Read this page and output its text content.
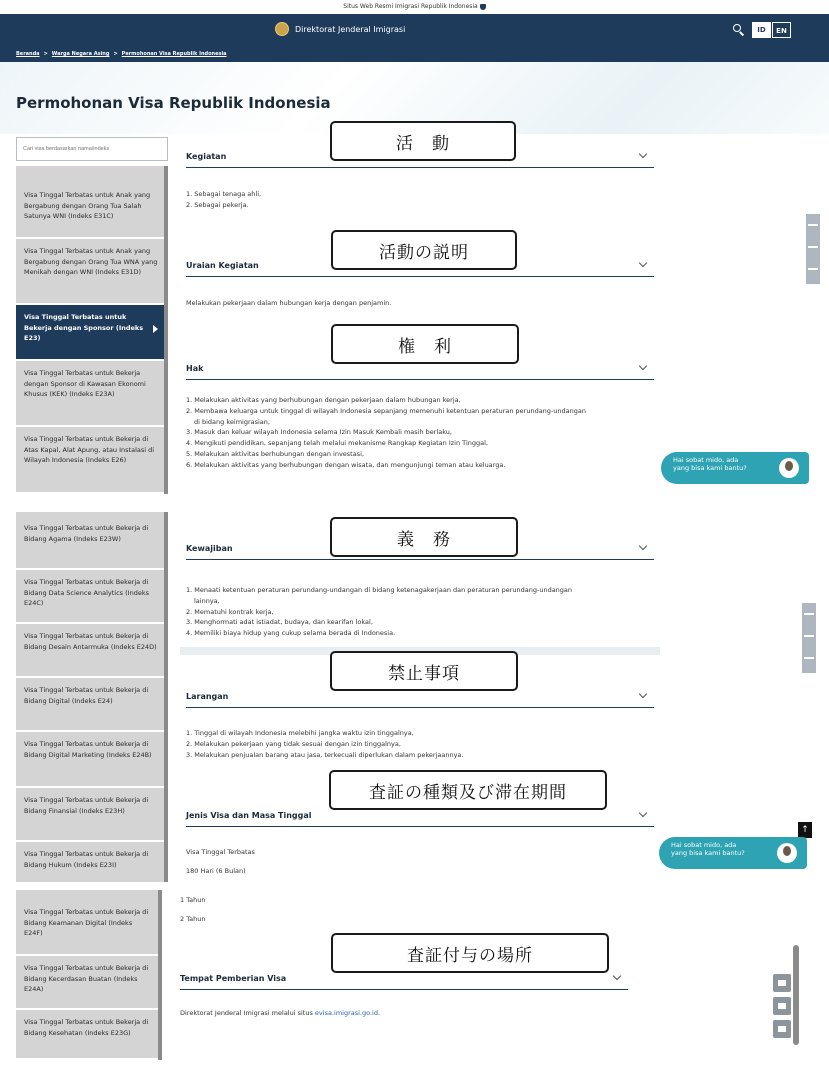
Situs Web Resmi Imigrasi Republik Indonesia
Direktorat Jenderal Imigrasi	ID	EN
Beranda > Warga Negara Asing > Permohonan Visa Republik Indonesia
Permohonan Visa Republik Indonesia
Cari visa berdasarkan nama/indeks
Visa Tinggal Terbatas untuk Anak yang Bergabung dengan Orang Tua Salah Satunya WNI (Indeks E31C)
Visa Tinggal Terbatas untuk Anak yang Bergabung dengan Orang Tua WNA yang Menikah dengan WNI (Indeks E31D)
Visa Tinggal Terbatas untuk Bekerja dengan Sponsor (Indeks E23)
Visa Tinggal Terbatas untuk Bekerja dengan Sponsor di Kawasan Ekonomi Khusus (KEK) (Indeks E23A)
Visa Tinggal Terbatas untuk Bekerja di Atas Kapal, Alat Apung, atau Instalasi di Wilayah Indonesia (Indeks E26)
Kegiatan
1. Sebagai tenaga ahli,
2. Sebagai pekerja.
活　動
Uraian Kegiatan
Melakukan pekerjaan dalam hubungan kerja dengan penjamin.
活動の説明
Hak
1. Melakukan aktivitas yang berhubungan dengan pekerjaan dalam hubungan kerja,
2. Membawa keluarga untuk tinggal di wilayah Indonesia sepanjang memenuhi ketentuan peraturan perundang-undangan
di bidang keimigrasian,
3. Masuk dan keluar wilayah Indonesia selama Izin Masuk Kembali masih berlaku,
4. Mengikuti pendidikan, sepanjang telah melalui mekanisme Rangkap Kegiatan Izin Tinggal,
5. Melakukan aktivitas berhubungan dengan investasi,
6. Melakukan aktivitas yang berhubungan dengan wisata, dan mengunjungi teman atau keluarga.
権　利
Hai sobat mido, ada yang bisa kami bantu?
Visa Tinggal Terbatas untuk Bekerja di Bidang Agama (Indeks E23W)
Visa Tinggal Terbatas untuk Bekerja di Bidang Data Science Analytics (Indeks E24C)
Visa Tinggal Terbatas untuk Bekerja di Bidang Desain Antarmuka (Indeks E24D)
Visa Tinggal Terbatas untuk Bekerja di Bidang Digital (Indeks E24)
Visa Tinggal Terbatas untuk Bekerja di Bidang Digital Marketing (Indeks E24B)
Visa Tinggal Terbatas untuk Bekerja di Bidang Finansial (Indeks E23H)
Visa Tinggal Terbatas untuk Bekerja di Bidang Hukum (Indeks E23I)
Kewajiban
1. Menaati ketentuan peraturan perundang-undangan di bidang ketenagakerjaan dan peraturan perundang-undangan
lainnya,
2. Mematuhi kontrak kerja,
3. Menghormati adat istiadat, budaya, dan kearifan lokal,
4. Memiliki biaya hidup yang cukup selama berada di Indonesia.
義　務
Larangan
1. Tinggal di wilayah Indonesia melebihi jangka waktu izin tinggalnya,
2. Melakukan pekerjaan yang tidak sesuai dengan izin tinggalnya,
3. Melakukan penjualan barang atau jasa, terkecuali diperlukan dalam pekerjaannya.
禁止事項
Jenis Visa dan Masa Tinggal
Visa Tinggal Terbatas
180 Hari (6 Bulan)
査証の種類及び滞在期間
↑
Hai sobat mido, ada yang bisa kami bantu?
Visa Tinggal Terbatas untuk Bekerja di Bidang Keamanan Digital (Indeks E24F)
Visa Tinggal Terbatas untuk Bekerja di Bidang Kecerdasan Buatan (Indeks E24A)
Visa Tinggal Terbatas untuk Bekerja di Bidang Kesehatan (Indeks E23G)
1 Tahun
2 Tahun
Tempat Pemberian Visa
Direktorat Jenderal Imigrasi melalui situs evisa.imigrasi.go.id.
査証付与の場所
